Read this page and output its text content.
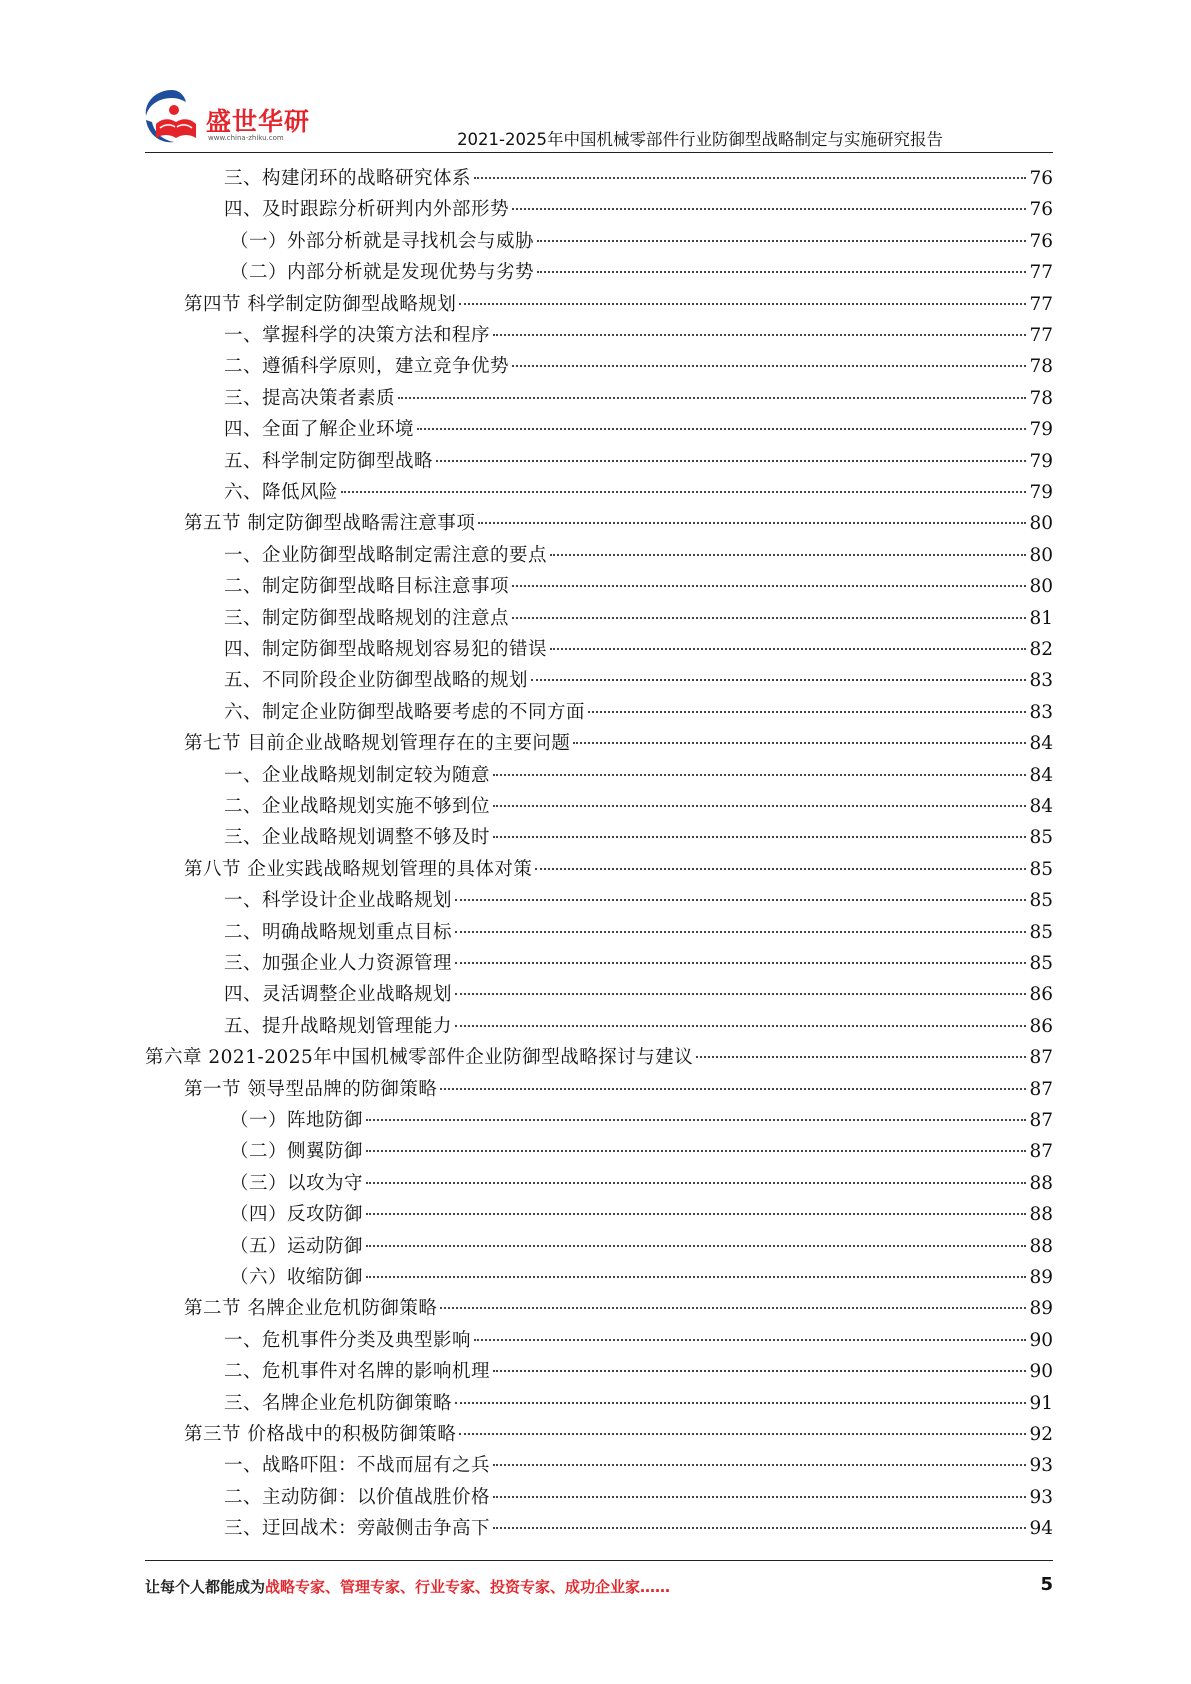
盛世华研
www.china-zhiku.com	2021-2025年中国机械零部件行业防御型战略制定与实施研究报告
三、构建闭环的战略研究体系	76
四、及时跟踪分析研判内外部形势	76
（一）外部分析就是寻找机会与威胁	76
（二）内部分析就是发现优势与劣势	77
第四节 科学制定防御型战略规划	77
一、掌握科学的决策方法和程序	77
二、遵循科学原则，建立竞争优势	78
三、提高决策者素质	78
四、全面了解企业环境	79
五、科学制定防御型战略	79
六、降低风险	79
第五节 制定防御型战略需注意事项	80
一、企业防御型战略制定需注意的要点	80
二、制定防御型战略目标注意事项	80
三、制定防御型战略规划的注意点	81
四、制定防御型战略规划容易犯的错误	82
五、不同阶段企业防御型战略的规划	83
六、制定企业防御型战略要考虑的不同方面	83
第七节 目前企业战略规划管理存在的主要问题	84
一、企业战略规划制定较为随意	84
二、企业战略规划实施不够到位	84
三、企业战略规划调整不够及时	85
第八节 企业实践战略规划管理的具体对策	85
一、科学设计企业战略规划	85
二、明确战略规划重点目标	85
三、加强企业人力资源管理	85
四、灵活调整企业战略规划	86
五、提升战略规划管理能力	86
第六章 2021-2025年中国机械零部件企业防御型战略探讨与建议	87
第一节 领导型品牌的防御策略	87
（一）阵地防御	87
（二）侧翼防御	87
（三）以攻为守	88
（四）反攻防御	88
（五）运动防御	88
（六）收缩防御	89
第二节 名牌企业危机防御策略	89
一、危机事件分类及典型影响	90
二、危机事件对名牌的影响机理	90
三、名牌企业危机防御策略	91
第三节 价格战中的积极防御策略	92
一、战略吓阻：不战而屈有之兵	93
二、主动防御：以价值战胜价格	93
三、迂回战术：旁敲侧击争高下	94
让每个人都能成为战略专家、管理专家、行业专家、投资专家、成功企业家……	5
